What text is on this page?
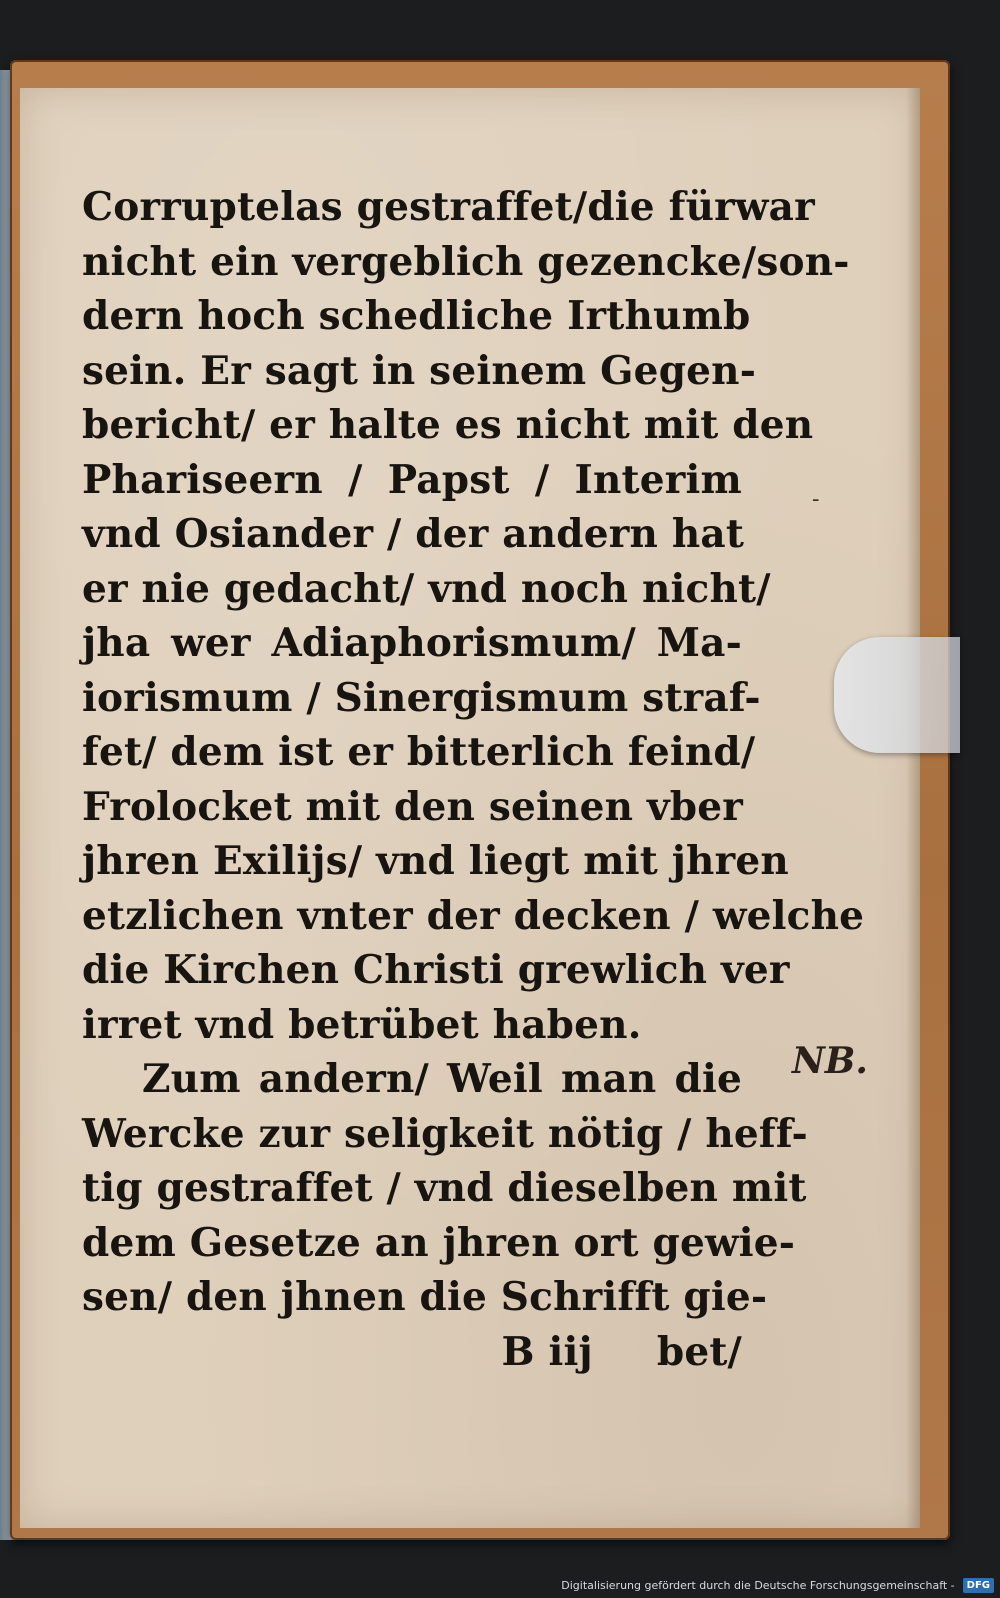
Corruptelas gestraffet/die fürwar
nicht ein vergeblich gezencke/son-
dern hoch schedliche Irthumb
sein. Er sagt in seinem Gegen-
bericht/ er halte es nicht mit den
Phariseern / Papst / Interim
vnd Osiander / der andern hat
er nie gedacht/ vnd noch nicht/
jha wer Adiaphorismum/ Ma-
iorismum / Sinergismum straf-
fet/ dem ist er bitterlich feind/
Frolocket mit den seinen vber
jhren Exilijs/ vnd liegt mit jhren
etzlichen vnter der decken / welche
die Kirchen Christi grewlich ver
irret vnd betrübet haben.
Zum andern/ Weil man die
Wercke zur seligkeit nötig / heff-
tig gestraffet / vnd dieselben mit
dem Gesetze an jhren ort gewie-
sen/ den jhnen die Schrifft gie-
B iij bet/
-
NB.
Digitalisierung gefördert durch die Deutsche Forschungsgemeinschaft -	DFG
